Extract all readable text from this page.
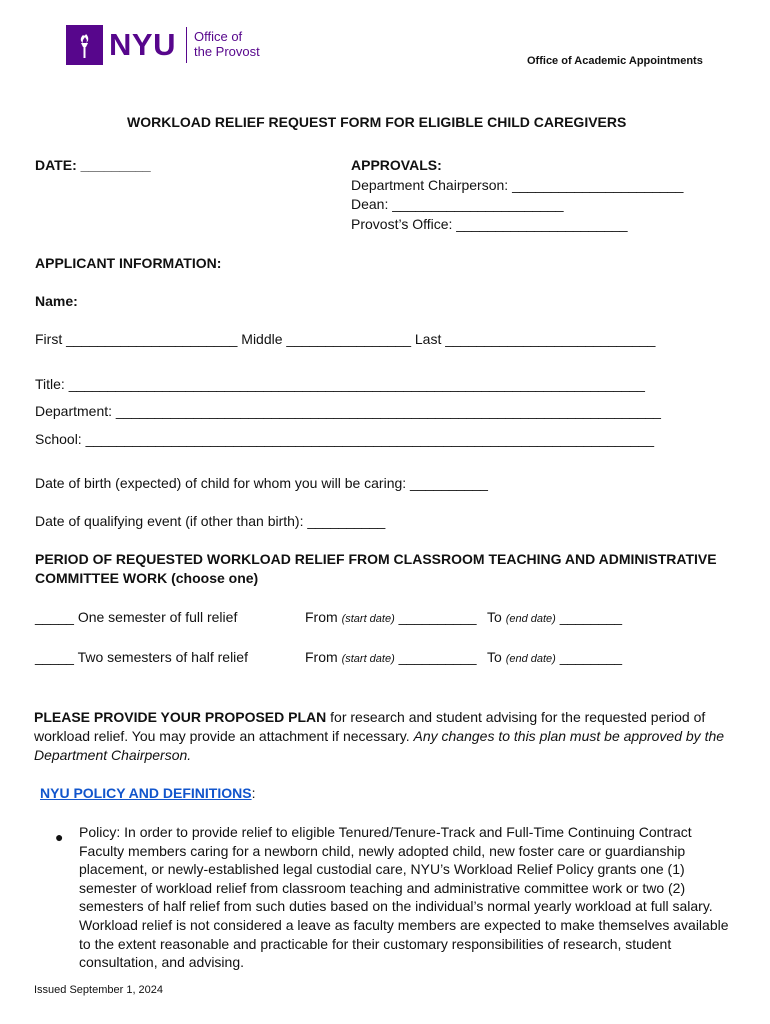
NYU Office of
the Provost
Office of Academic Appointments
WORKLOAD RELIEF REQUEST FORM FOR ELIGIBLE CHILD CAREGIVERS
DATE: _________	APPROVALS:
Department Chairperson: ______________________
Dean: ______________________
Provost’s Office: ______________________
APPLICANT INFORMATION:
Name:
First ______________________ Middle ________________ Last ___________________________
Title: __________________________________________________________________________
Department: ______________________________________________________________________
School: _________________________________________________________________________
Date of birth (expected) of child for whom you will be caring: __________
Date of qualifying event (if other than birth): __________
PERIOD OF REQUESTED WORKLOAD RELIEF FROM CLASSROOM TEACHING AND ADMINISTRATIVE
COMMITTEE WORK (choose one)
_____ One semester of full relief	From (start date) __________ To (end date) ________
_____ Two semesters of half relief	From (start date) __________ To (end date) ________
PLEASE PROVIDE YOUR PROPOSED PLAN for research and student advising for the requested period of workload relief. You may provide an attachment if necessary. Any changes to this plan must be approved by the Department Chairperson.
NYU POLICY AND DEFINITIONS:
● Policy: In order to provide relief to eligible Tenured/Tenure-Track and Full-Time Continuing Contract Faculty members caring for a newborn child, newly adopted child, new foster care or guardianship placement, or newly-established legal custodial care, NYU’s Workload Relief Policy grants one (1) semester of workload relief from classroom teaching and administrative committee work or two (2) semesters of half relief from such duties based on the individual’s normal yearly workload at full salary. Workload relief is not considered a leave as faculty members are expected to make themselves available to the extent reasonable and practicable for their customary responsibilities of research, student consultation, and advising.
Issued September 1, 2024
